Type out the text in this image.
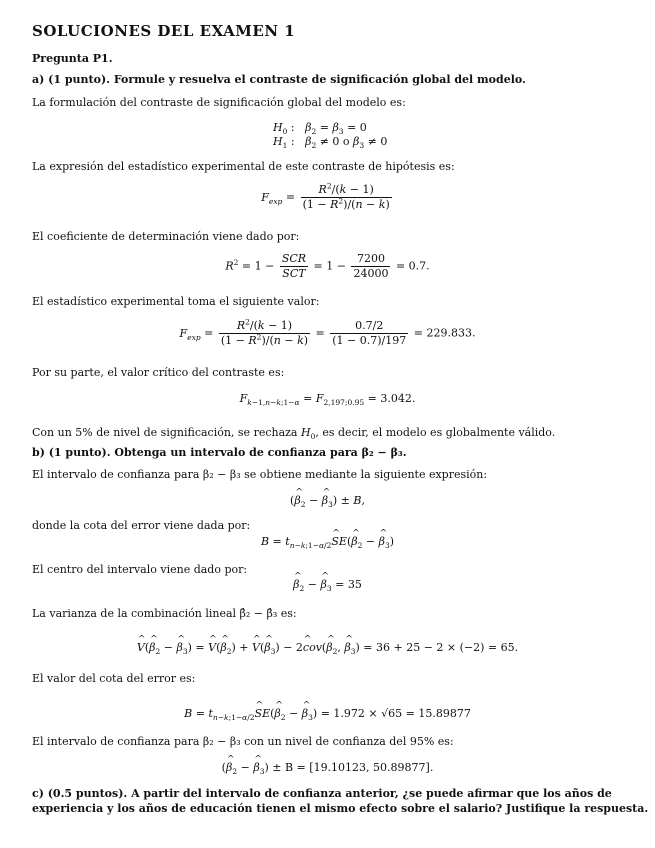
SOLUCIONES DEL EXAMEN 1
Pregunta P1.
a) (1 punto). Formule y resuelva el contraste de significación global del modelo.
La formulación del contraste de significación global del modelo es:
$H_0$ :   $\beta_2 = \beta_3 = 0$
$H_1$ :   $\beta_2 \ne 0$ o $\beta_3 \ne 0$
La expresión del estadístico experimental de este contraste de hipótesis es:
$F_{exp} = \frac{R^2/(k - 1)}{(1 - R^2)/(n - k)}$
El coeficiente de determinación viene dado por:
$R^2 = 1 - \frac{\text{SCR}}{\text{SCT}} = 1 - \frac{7200}{24000} = 0.7$.
El estadístico experimental toma el siguiente valor:
$F_{exp} = \frac{R^2/(k - 1)}{(1 - R^2)/(n - k)} = \frac{0.7/2}{(1 - 0.7)/197} = 229.833$.
Por su parte, el valor crítico del contraste es:
$F_{k-1,n-k;1-\alpha} = F_{2,197;0.95} = 3.042$.
Con un 5% de nivel de significación, se rechaza $H_0$, es decir, el modelo es globalmente válido.
b) (1 punto). Obtenga un intervalo de confianza para β₂ − β₃.
El intervalo de confianza para β₂ − β₃ se obtiene mediante la siguiente expresión:
(^ $\beta_2$ − ^ $\beta_3) \pm B$,
donde la cota del error viene dada por:
$B = t_{n-k;1-\alpha/2}\^{}$ SE(^ $\beta_2$ − ^ $\beta_3$)
El centro del intervalo viene dado por:
^ $\beta_2$ − ^ $\beta_3 = 35$
La varianza de la combinación lineal β̂₂ − β̂₃ es:
^ V(^ $\beta_2$ − ^ $\beta_3$) = ^ V(^ $\beta_2$) + ^ V(^ $\beta_3$) − 2^ cov(^ $\beta_2$, ^ $\beta_3) = 36 + 25 - 2 \times (-2) = 65$.
El valor del cota del error es:
$B = t_{n-k;1-\alpha/2}\^{}$ SE(^ $\beta_2$ − ^ $\beta_3) = 1.972 \times √65 = 15.89877$
El intervalo de confianza para β₂ − β₃ con un nivel de confianza del 95% es:
(^ $\beta_2$ − ^ $\beta_3) \pm B = [19.10123$, 50.89877].
c) (0.5 puntos). A partir del intervalo de confianza anterior, ¿se puede afirmar que los años de
experiencia y los años de educación tienen el mismo efecto sobre el salario? Justifique la respuesta.
